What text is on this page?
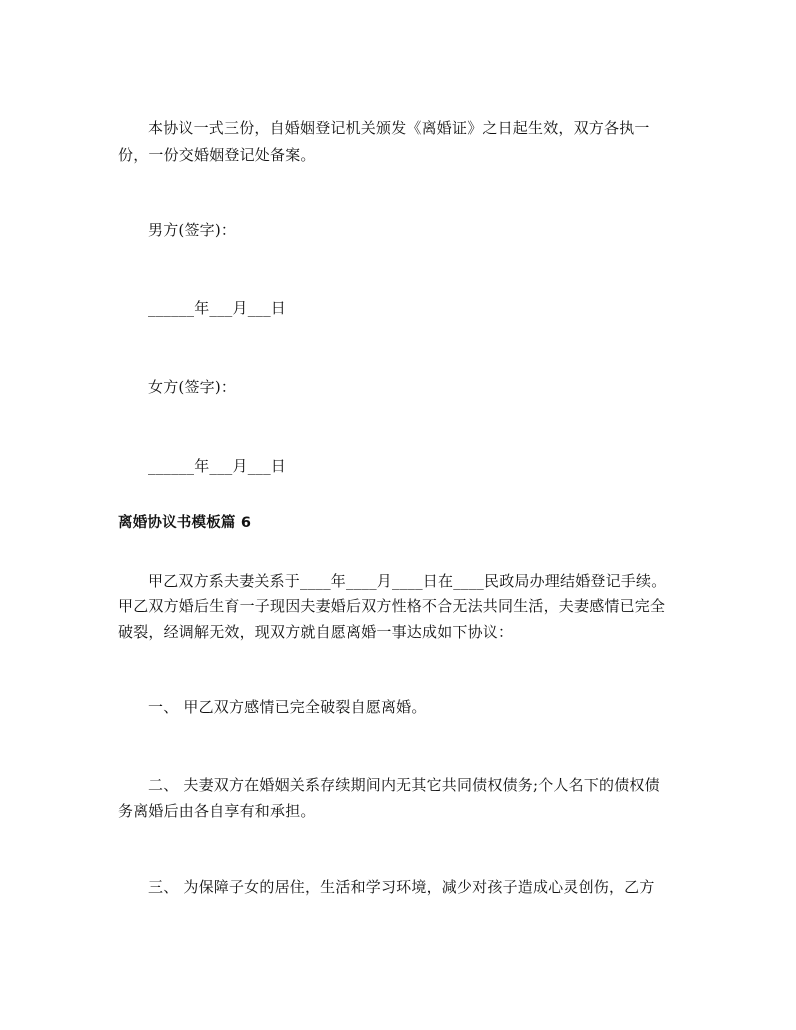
本协议一式三份，自婚姻登记机关颁发《离婚证》之日起生效，双方各执一
份，一份交婚姻登记处备案。
男方(签字)：
______年___月___日
女方(签字)：
______年___月___日
离婚协议书模板篇 6
甲乙双方系夫妻关系于____年____月____日在____民政局办理结婚登记手续。
甲乙双方婚后生育一子现因夫妻婚后双方性格不合无法共同生活，夫妻感情已完全
破裂，经调解无效，现双方就自愿离婚一事达成如下协议：
一、 甲乙双方感情已完全破裂自愿离婚。
二、 夫妻双方在婚姻关系存续期间内无其它共同债权债务;个人名下的债权债
务离婚后由各自享有和承担。
三、 为保障子女的居住，生活和学习环境，减少对孩子造成心灵创伤，乙方
